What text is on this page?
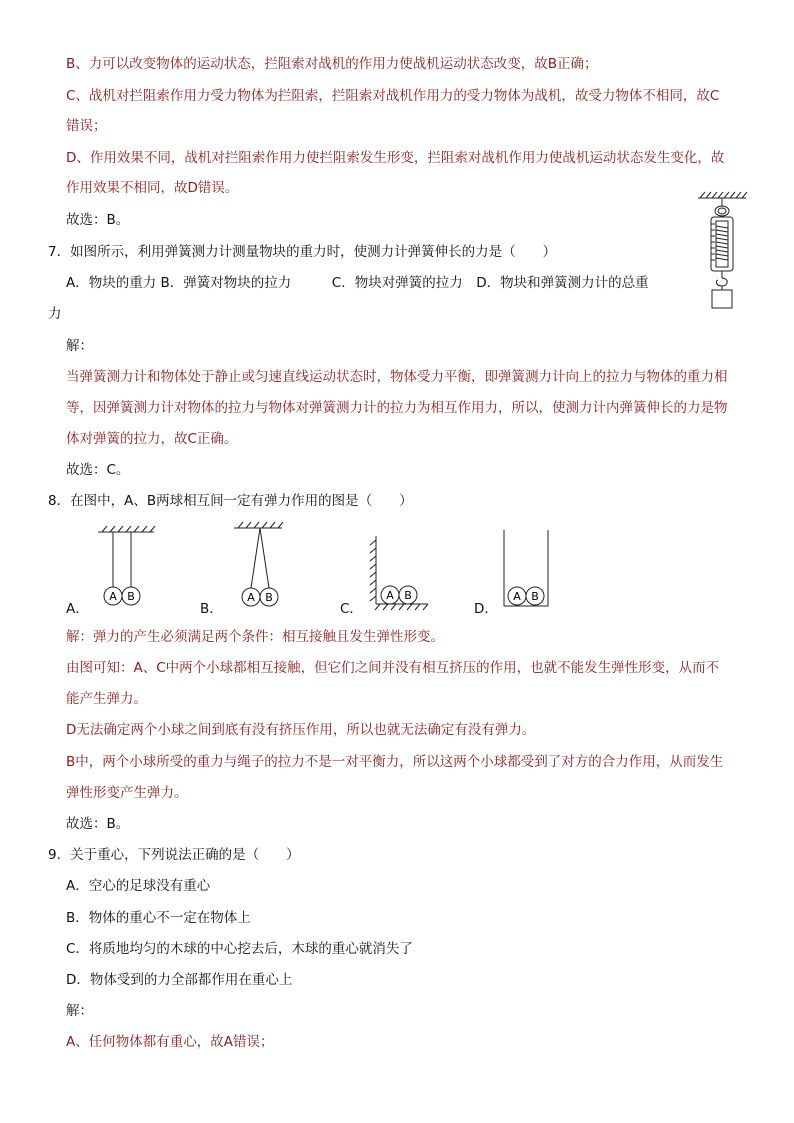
B、力可以改变物体的运动状态，拦阻索对战机的作用力使战机运动状态改变，故B正确；
C、战机对拦阻索作用力受力物体为拦阻索，拦阻索对战机作用力的受力物体为战机，故受力物体不相同，故C
错误；
D、作用效果不同，战机对拦阻索作用力使拦阻索发生形变，拦阻索对战机作用力使战机运动状态发生变化，故
作用效果不相同，故D错误。
故选：B。
7．如图所示，利用弹簧测力计测量物块的重力时，使测力计弹簧伸长的力是（　　）
A．物块的重力 B．弹簧对物块的拉力　　　C．物块对弹簧的拉力　D．物块和弹簧测力计的总重
力
解：
当弹簧测力计和物体处于静止或匀速直线运动状态时，物体受力平衡，即弹簧测力计向上的拉力与物体的重力相
等，因弹簧测力计对物体的拉力与物体对弹簧测力计的拉力为相互作用力，所以，使测力计内弹簧伸长的力是物
体对弹簧的拉力，故C正确。
故选：C。
8．在图中，A、B两球相互间一定有弹力作用的图是（　　）
A．	B．	C．	D．
A B	A B	A B	A B
解：弹力的产生必须满足两个条件：相互接触且发生弹性形变。
由图可知：A、C中两个小球都相互接触，但它们之间并没有相互挤压的作用，也就不能发生弹性形变，从而不
能产生弹力。
D无法确定两个小球之间到底有没有挤压作用，所以也就无法确定有没有弹力。
B中，两个小球所受的重力与绳子的拉力不是一对平衡力，所以这两个小球都受到了对方的合力作用，从而发生
弹性形变产生弹力。
故选：B。
9．关于重心，下列说法正确的是（　　）
A．空心的足球没有重心
B．物体的重心不一定在物体上
C．将质地均匀的木球的中心挖去后，木球的重心就消失了
D．物体受到的力全部都作用在重心上
解：
A、任何物体都有重心，故A错误；
